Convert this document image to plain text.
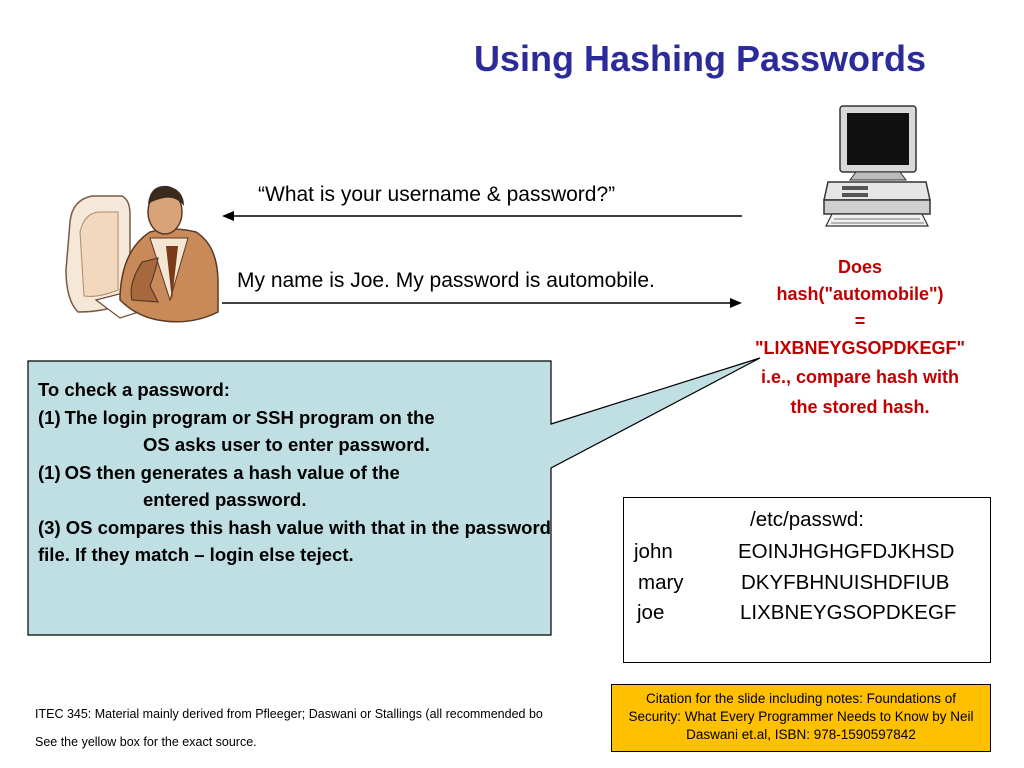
Using Hashing Passwords
“What is your username & password?”
My name is Joe. My password is automobile.
Does
hash("automobile")
=
"LIXBNEYGSOPDKEGF"
i.e., compare hash with
the stored hash.
To check a password:
(1) The login program or SSH program on the
OS asks user to enter password.
(1) OS then generates a hash value of the
entered password.
(3) OS compares this hash value with that in the password file. If they match – login else teject.
/etc/passwd:
john	EOINJHGHGFDJKHSD
mary	DKYFBHNUISHDFIUB
joe	LIXBNEYGSOPDKEGF
ITEC 345: Material mainly derived from Pfleeger; Daswani or Stallings (all recommended bo
See the yellow box for the exact source.
Citation for the slide including notes: Foundations of Security: What Every Programmer Needs to Know by Neil Daswani et.al, ISBN: 978-1590597842
